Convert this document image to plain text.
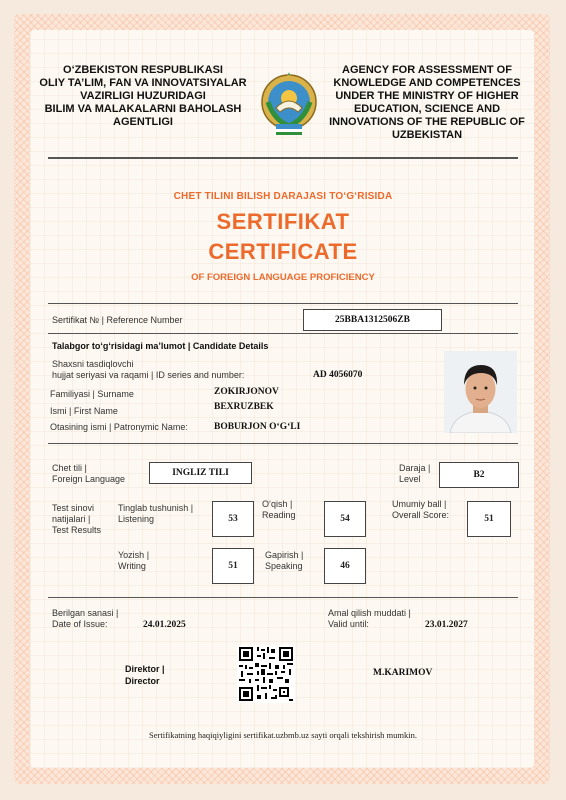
O‘ZBEKISTON RESPUBLIKASI
OLIY TA’LIM, FAN VA INNOVATSIYALAR
VAZIRLIGI HUZURIDAGI
BILIM VA MALAKALARNI BAHOLASH
AGENTLIGI
AGENCY FOR ASSESSMENT OF
KNOWLEDGE AND COMPETENCES
UNDER THE MINISTRY OF HIGHER
EDUCATION, SCIENCE AND
INNOVATIONS OF THE REPUBLIC OF
UZBEKISTAN
CHET TILINI BILISH DARAJASI TO‘G‘RISIDA
SERTIFIKAT
CERTIFICATE
OF FOREIGN LANGUAGE PROFICIENCY
Sertifikat № | Reference Number	25BBA1312506ZB
Talabgor to‘g‘risidagi ma’lumot | Candidate Details
Shaxsni tasdiqlovchi
hujjat seriyasi va raqami | ID series and number:	AD 4056070
Familiyasi | Surname	ZOKIRJONOV
Ismi | First Name	BEXRUZBEK
Otasining ismi | Patronymic Name:	BOBURJON O‘G‘LI
Chet tili |
Foreign Language
INGLIZ TILI	Daraja |
Level	B2
Test sinovi
natijalari |
Test Results
Tinglab tushunish |
Listening	53
O‘qish |
Reading	54
Umumiy ball |
Overall Score:	51
Yozish |
Writing	51
Gapirish |
Speaking	46
Berilgan sanasi |
Date of Issue:	24.01.2025
Amal qilish muddati |
Valid until:	23.01.2027
Direktor |
Director
M.KARIMOV
Sertifikatning haqiqiyligini sertifikat.uzbmb.uz sayti orqali tekshirish mumkin.
